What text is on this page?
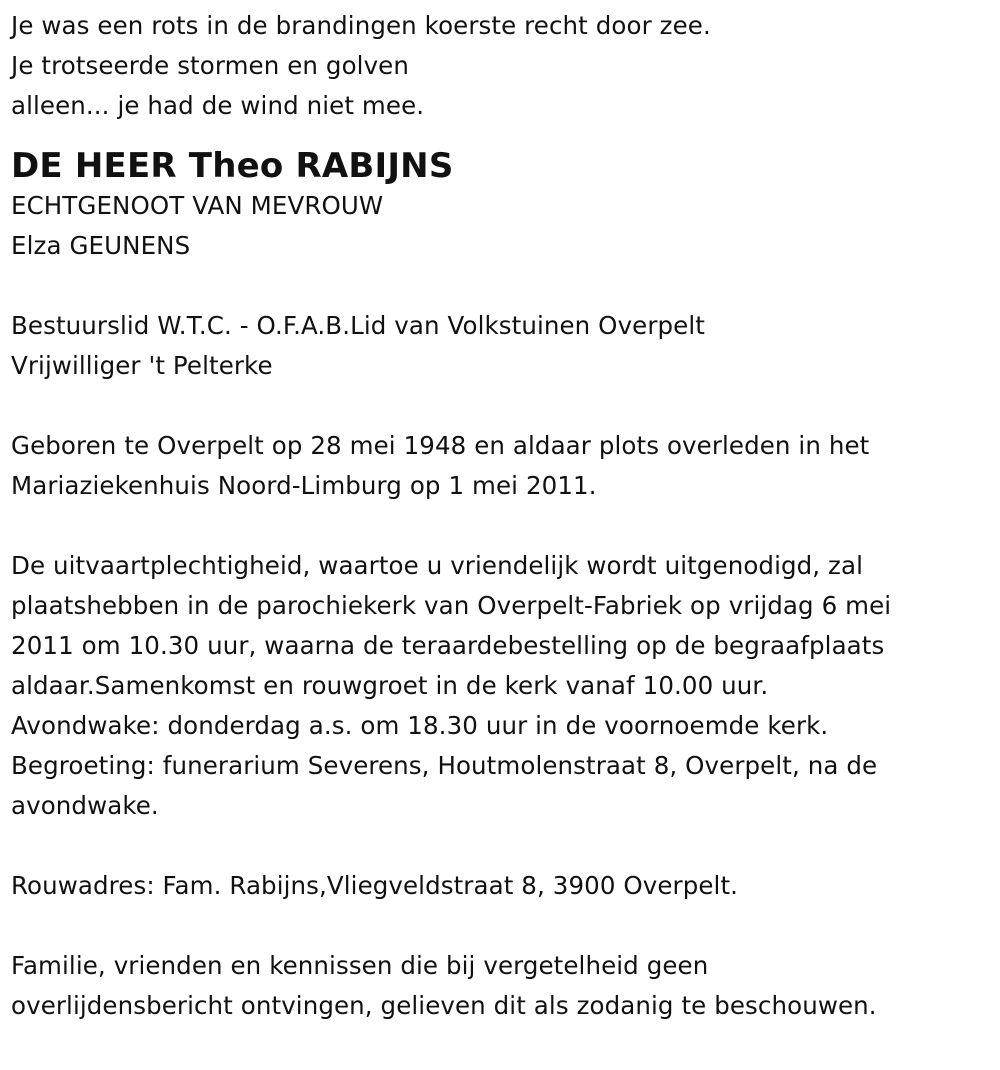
Je was een rots in de brandingen koerste recht door zee.
Je trotseerde stormen en golven
alleen... je had de wind niet mee.
DE HEER Theo RABIJNS
ECHTGENOOT VAN MEVROUW
Elza GEUNENS
Bestuurslid W.T.C. - O.F.A.B.Lid van Volkstuinen Overpelt
Vrijwilliger 't Pelterke
Geboren te Overpelt op 28 mei 1948 en aldaar plots overleden in het
Mariaziekenhuis Noord-Limburg op 1 mei 2011.
De uitvaartplechtigheid, waartoe u vriendelijk wordt uitgenodigd, zal
plaatshebben in de parochiekerk van Overpelt-Fabriek op vrijdag 6 mei
2011 om 10.30 uur, waarna de teraardebestelling op de begraafplaats
aldaar.Samenkomst en rouwgroet in de kerk vanaf 10.00 uur.
Avondwake: donderdag a.s. om 18.30 uur in de voornoemde kerk.
Begroeting: funerarium Severens, Houtmolenstraat 8, Overpelt, na de
avondwake.
Rouwadres: Fam. Rabijns,Vliegveldstraat 8, 3900 Overpelt.
Familie, vrienden en kennissen die bij vergetelheid geen
overlijdensbericht ontvingen, gelieven dit als zodanig te beschouwen.
